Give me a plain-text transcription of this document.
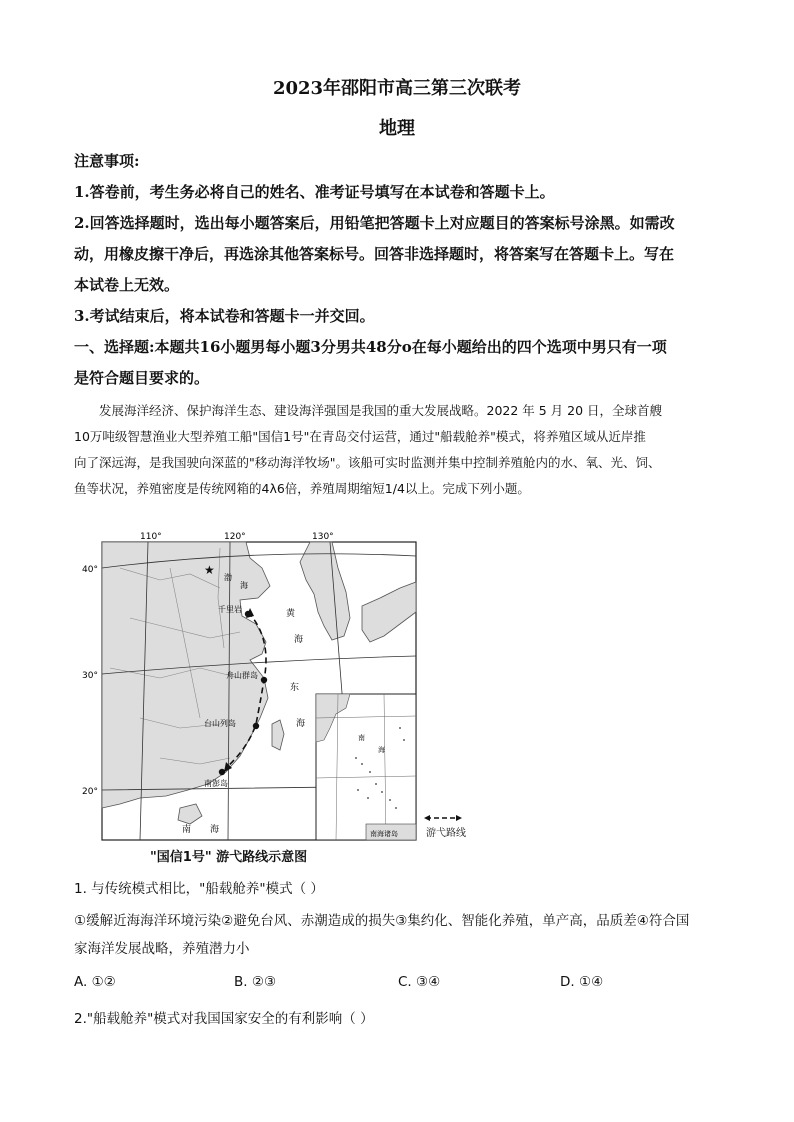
2023年邵阳市高三第三次联考
地理
注意事项:
1.答卷前，考生务必将自己的姓名、准考证号填写在本试卷和答题卡上。
2.回答选择题时，选出每小题答案后，用铅笔把答题卡上对应题目的答案标号涂黑。如需改
动，用橡皮擦干净后，再选涂其他答案标号。回答非选择题时，将答案写在答题卡上。写在
本试卷上无效。
3.考试结束后，将本试卷和答题卡一并交回。
一、选择题:本题共16小题男每小题3分男共48分o在每小题给出的四个选项中男只有一项
是符合题目要求的。
发展海洋经济、保护海洋生态、建设海洋强国是我国的重大发展战略。2022 年 5 月 20 日，全球首艘
10万吨级智慧渔业大型养殖工船"国信1号"在青岛交付运营，通过"船载舱养"模式，将养殖区域从近岸推
向了深远海，是我国驶向深蓝的"移动海洋牧场"。该船可实时监测并集中控制养殖舱内的水、氧、光、饲、
鱼等状况，养殖密度是传统网箱的4λ6倍，养殖周期缩短1/4以上。完成下列小题。
★
110°	120°	130°
40°
30°
20°
渤
海
千里岩	黄
海
舟山群岛
东
海
台山列岛
南澎岛
南 海
南
海
南海诸岛	游弋路线
"国信1号" 游弋路线示意图
1. 与传统模式相比，"船载舱养"模式（ ）
①缓解近海海洋环境污染②避免台风、赤潮造成的损失③集约化、智能化养殖，单产高，品质差④符合国
家海洋发展战略，养殖潜力小
A. ①②	B. ②③	C. ③④	D. ①④
2."船载舱养"模式对我国国家安全的有利影响（ ）
